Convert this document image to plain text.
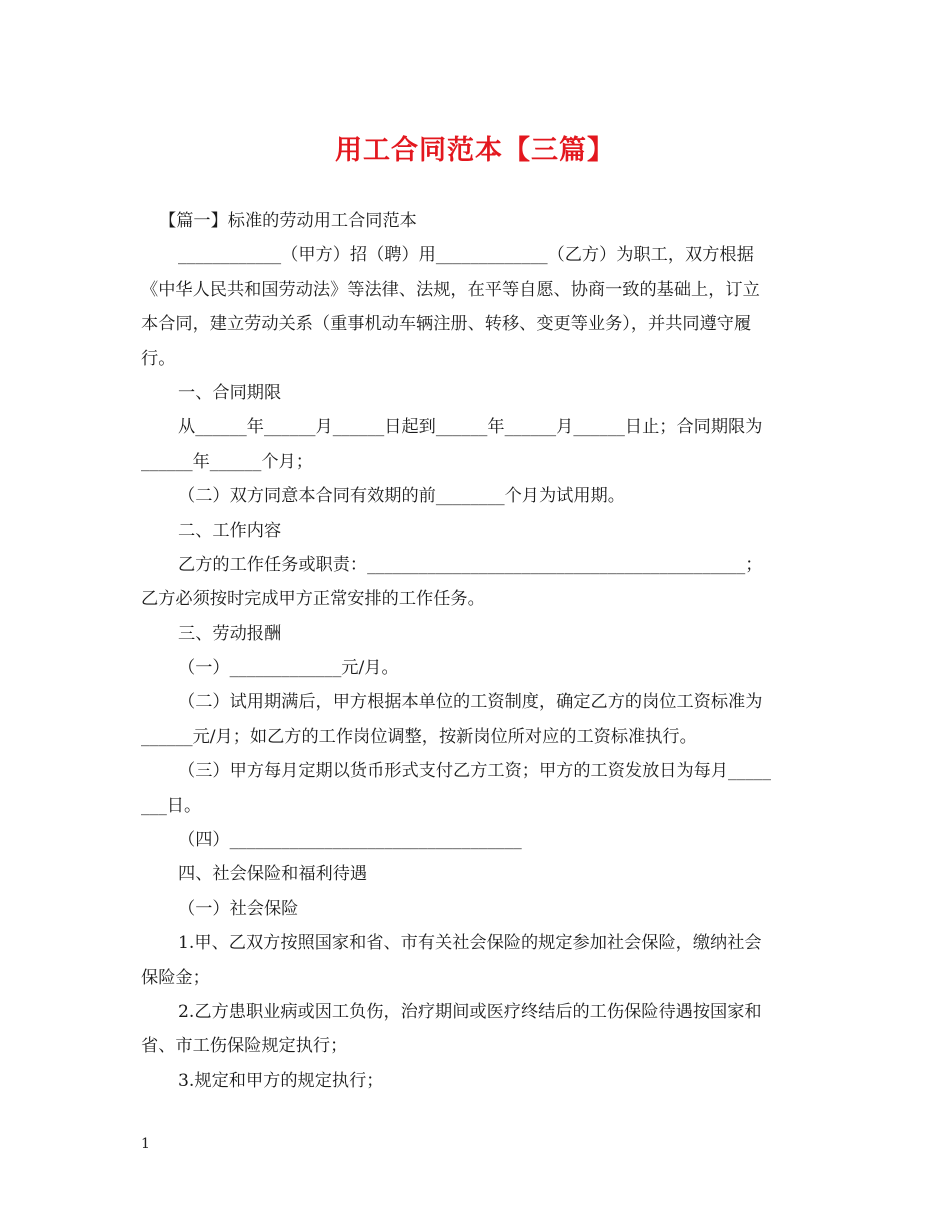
用工合同范本【三篇】
【篇一】标准的劳动用工合同范本
____________（甲方）招（聘）用_____________（乙方）为职工，双方根据
《中华人民共和国劳动法》等法律、法规，在平等自愿、协商一致的基础上，订立
本合同，建立劳动关系（重事机动车辆注册、转移、变更等业务），并共同遵守履
行。
一、合同期限
从______年______月______日起到______年______月______日止；合同期限为
______年______个月；
（二）双方同意本合同有效期的前________个月为试用期。
二、工作内容
乙方的工作任务或职责：____________________________________________；
乙方必须按时完成甲方正常安排的工作任务。
三、劳动报酬
（一）_____________元/月。
（二）试用期满后，甲方根据本单位的工资制度，确定乙方的岗位工资标准为
______元/月；如乙方的工作岗位调整，按新岗位所对应的工资标准执行。
（三）甲方每月定期以货币形式支付乙方工资；甲方的工资发放日为每月_____
___日。
（四）__________________________________
四、社会保险和福利待遇
（一）社会保险
1.甲、乙双方按照国家和省、市有关社会保险的规定参加社会保险，缴纳社会
保险金；
2.乙方患职业病或因工负伤，治疗期间或医疗终结后的工伤保险待遇按国家和
省、市工伤保险规定执行；
3.规定和甲方的规定执行；
1
